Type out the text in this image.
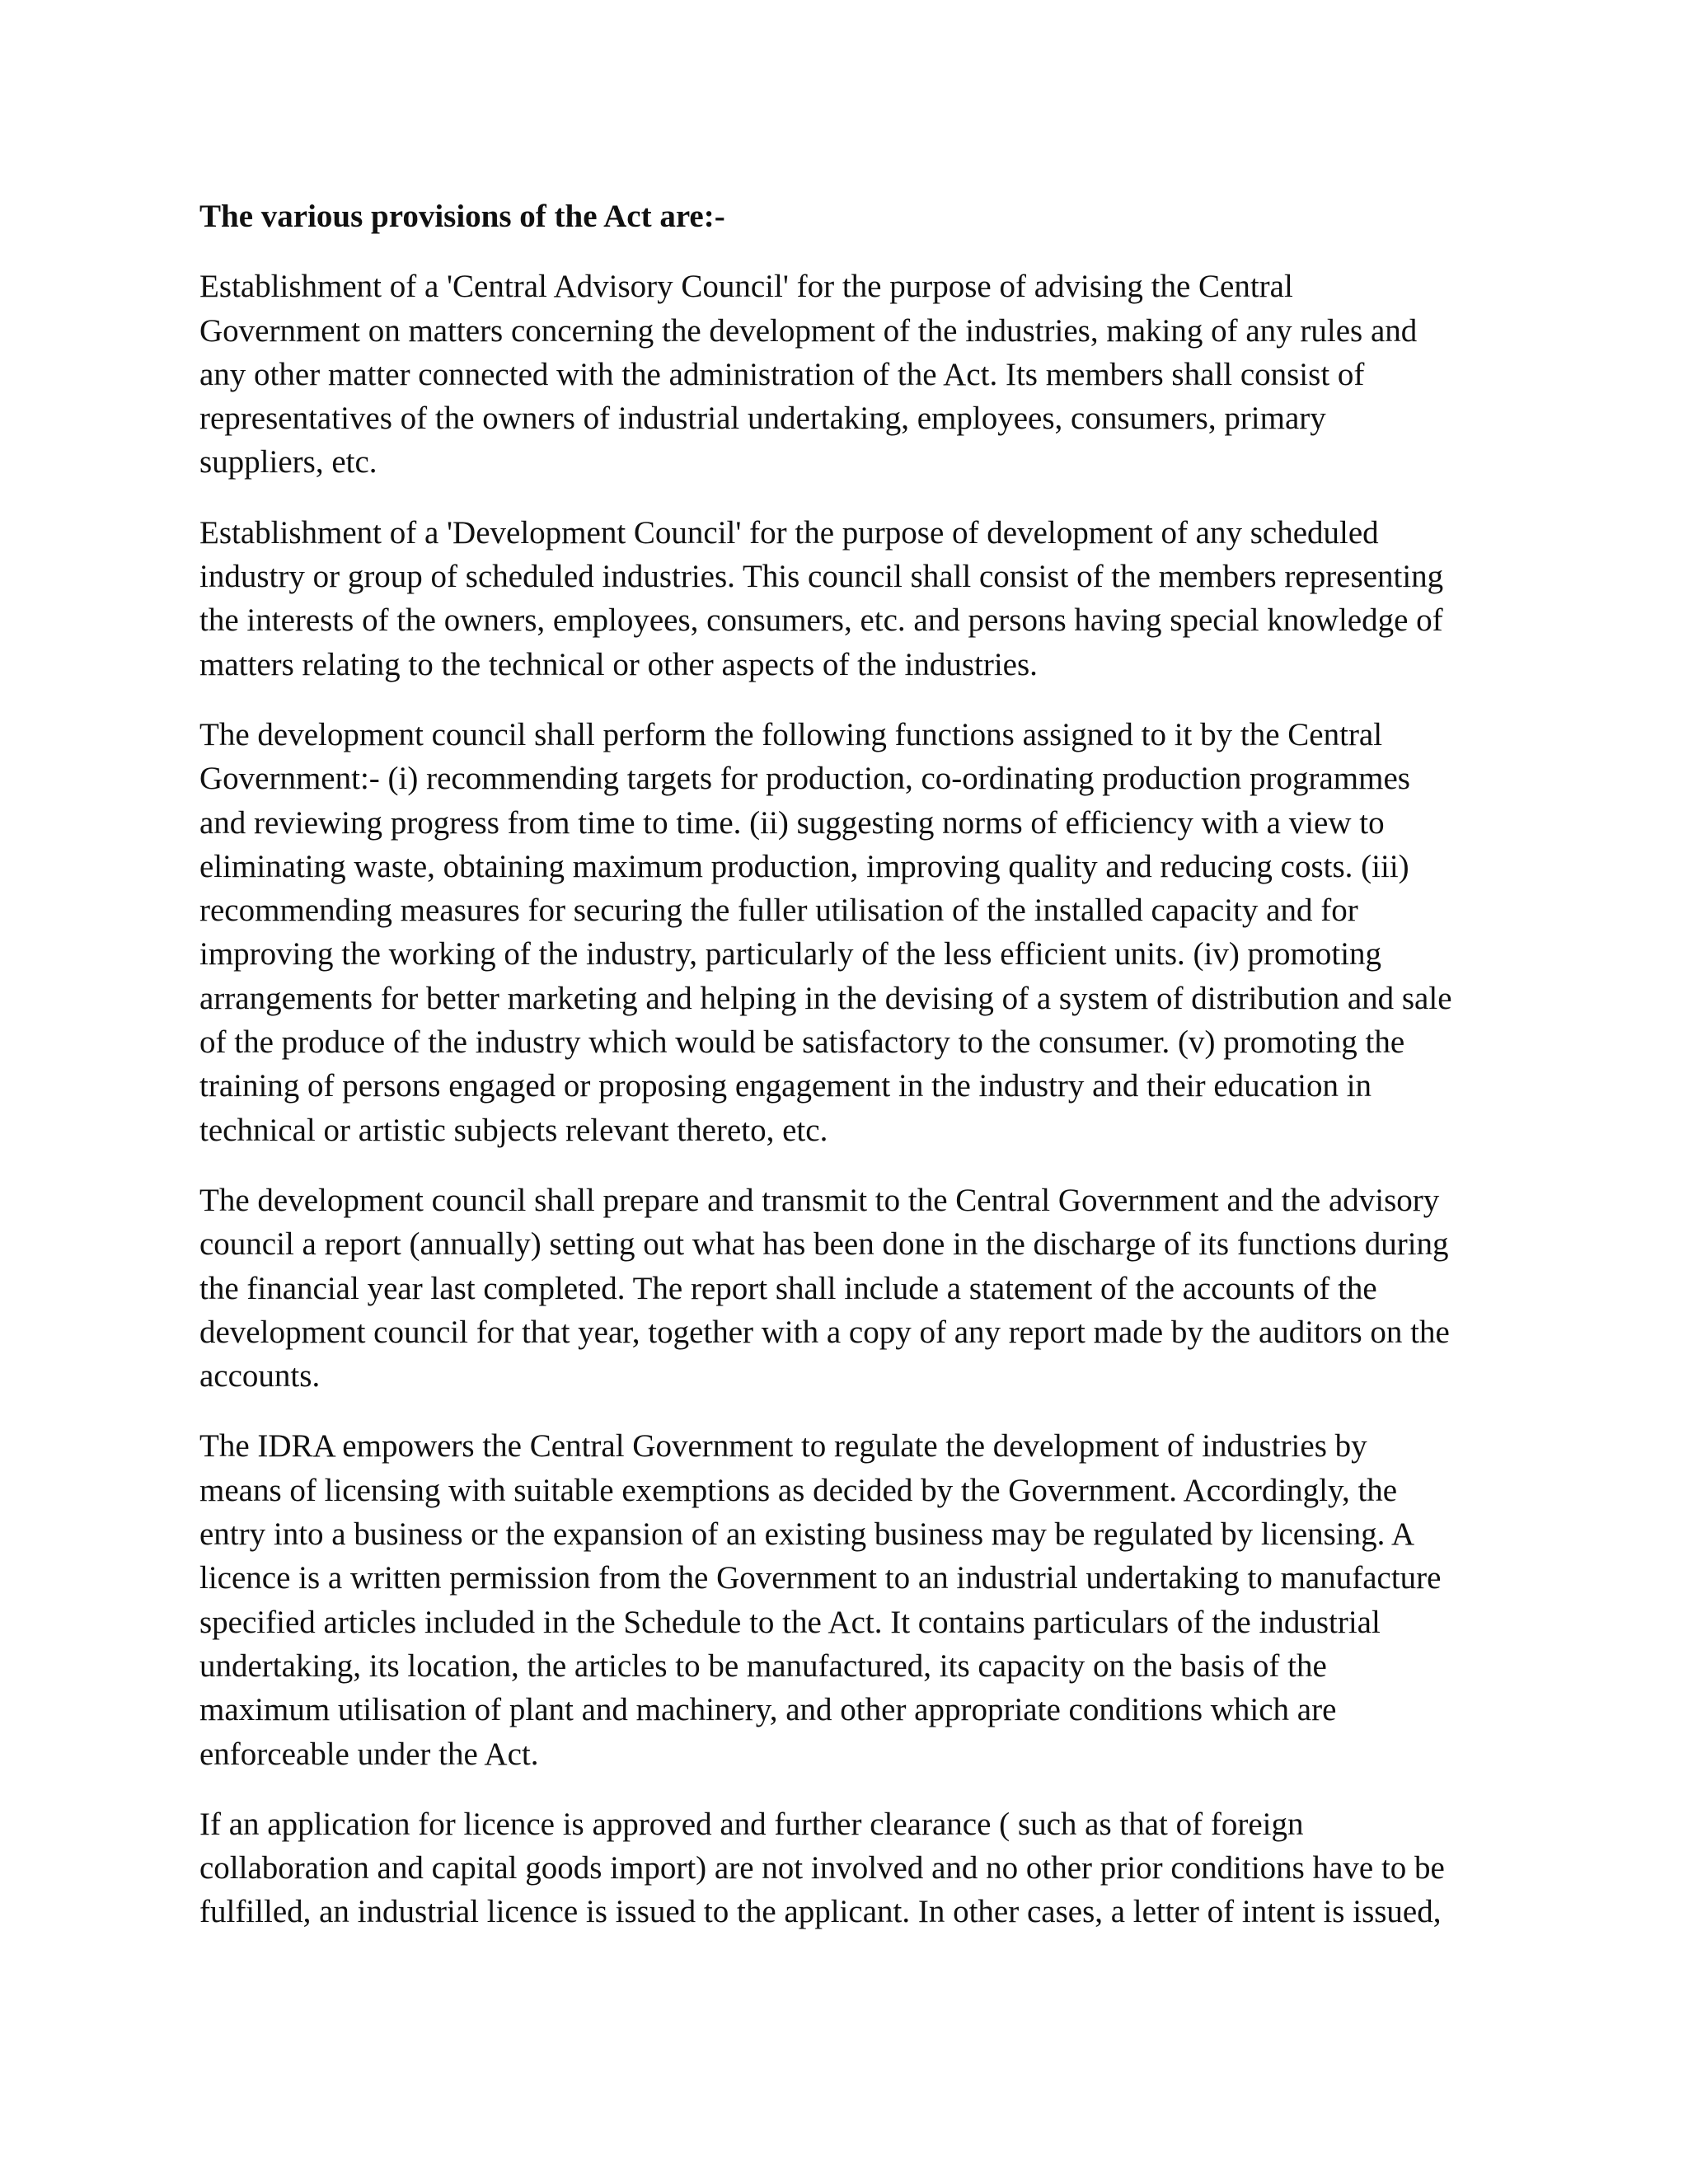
The various provisions of the Act are:-
Establishment of a 'Central Advisory Council' for the purpose of advising the Central
Government on matters concerning the development of the industries, making of any rules and
any other matter connected with the administration of the Act. Its members shall consist of
representatives of the owners of industrial undertaking, employees, consumers, primary
suppliers, etc.
Establishment of a 'Development Council' for the purpose of development of any scheduled
industry or group of scheduled industries. This council shall consist of the members representing
the interests of the owners, employees, consumers, etc. and persons having special knowledge of
matters relating to the technical or other aspects of the industries.
The development council shall perform the following functions assigned to it by the Central
Government:- (i) recommending targets for production, co-ordinating production programmes
and reviewing progress from time to time. (ii) suggesting norms of efficiency with a view to
eliminating waste, obtaining maximum production, improving quality and reducing costs. (iii)
recommending measures for securing the fuller utilisation of the installed capacity and for
improving the working of the industry, particularly of the less efficient units. (iv) promoting
arrangements for better marketing and helping in the devising of a system of distribution and sale
of the produce of the industry which would be satisfactory to the consumer. (v) promoting the
training of persons engaged or proposing engagement in the industry and their education in
technical or artistic subjects relevant thereto, etc.
The development council shall prepare and transmit to the Central Government and the advisory
council a report (annually) setting out what has been done in the discharge of its functions during
the financial year last completed. The report shall include a statement of the accounts of the
development council for that year, together with a copy of any report made by the auditors on the
accounts.
The IDRA empowers the Central Government to regulate the development of industries by
means of licensing with suitable exemptions as decided by the Government. Accordingly, the
entry into a business or the expansion of an existing business may be regulated by licensing. A
licence is a written permission from the Government to an industrial undertaking to manufacture
specified articles included in the Schedule to the Act. It contains particulars of the industrial
undertaking, its location, the articles to be manufactured, its capacity on the basis of the
maximum utilisation of plant and machinery, and other appropriate conditions which are
enforceable under the Act.
If an application for licence is approved and further clearance ( such as that of foreign
collaboration and capital goods import) are not involved and no other prior conditions have to be
fulfilled, an industrial licence is issued to the applicant. In other cases, a letter of intent is issued,
